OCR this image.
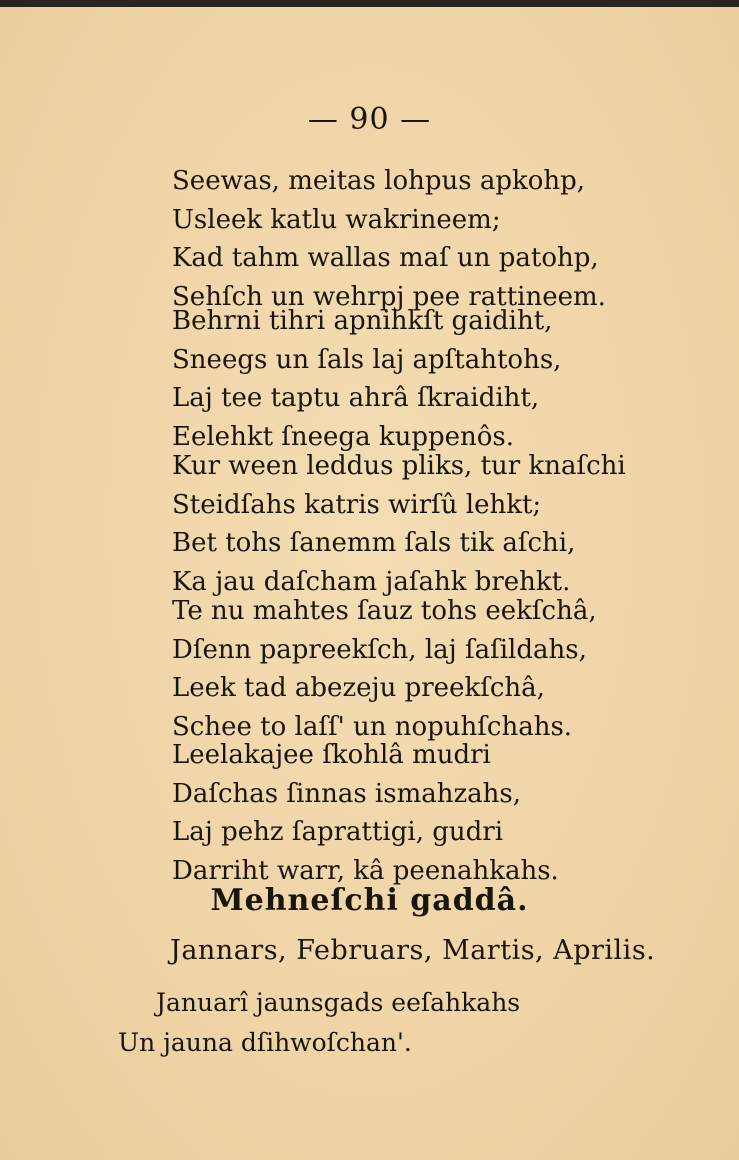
— 90 —
Seewas, meitas lohpus apkohp,
Usleek katlu wakrineem;
Kad tahm wallas maſ un patohp,
Sehſch un wehrpj pee rattineem.
Behrni tihri apnihkſt gaidiht,
Sneegs un ſals laj apſtahtohs,
Laj tee taptu ahrâ ſkraidiht,
Eelehkt ſneega kuppenôs.
Kur ween leddus pliks, tur knaſchi
Steidſahs katris wirſû lehkt;
Bet tohs ſanemm ſals tik aſchi,
Ka jau daſcham jaſahk brehkt.
Te nu mahtes ſauz tohs eekſchâ,
Dſenn papreekſch, laj ſaſildahs,
Leek tad abezeju preekſchâ,
Schee to laſſ' un nopuhſchahs.
Leelakajee ſkohlâ mudri
Daſchas ſinnas ismahzahs,
Laj pehz ſaprattigi, gudri
Darriht warr, kâ peenahkahs.
Mehneſchi gaddâ.
Jannars, Februars, Martis, Aprilis.
Januarî jaunsgads eeſahkahs
Un jauna dſihwoſchan'.
